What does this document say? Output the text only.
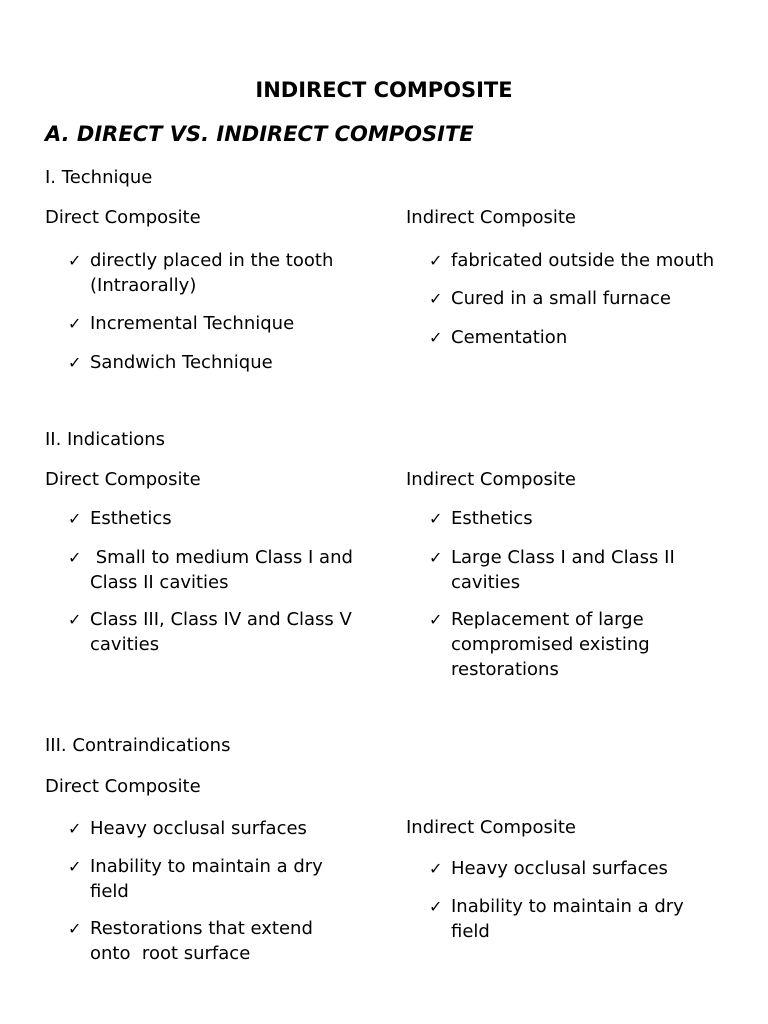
INDIRECT COMPOSITE
A. DIRECT VS. INDIRECT COMPOSITE
I. Technique
Direct Composite	Indirect Composite
✓ directly placed in the tooth (Intraorally)
✓ Incremental Technique
✓ Sandwich Technique
✓ fabricated outside the mouth
✓ Cured in a small furnace
✓ Cementation
II. Indications
Direct Composite	Indirect Composite
✓ Esthetics
✓ Small to medium Class I and Class II cavities
✓ Class III, Class IV and Class V cavities
✓ Esthetics
✓ Large Class I and Class II cavities
✓ Replacement of large compromised existing restorations
III. Contraindications
Direct Composite
Indirect Composite
✓ Heavy occlusal surfaces
✓ Inability to maintain a dry field
✓ Restorations that extend onto  root surface
✓ Heavy occlusal surfaces
✓ Inability to maintain a dry field
